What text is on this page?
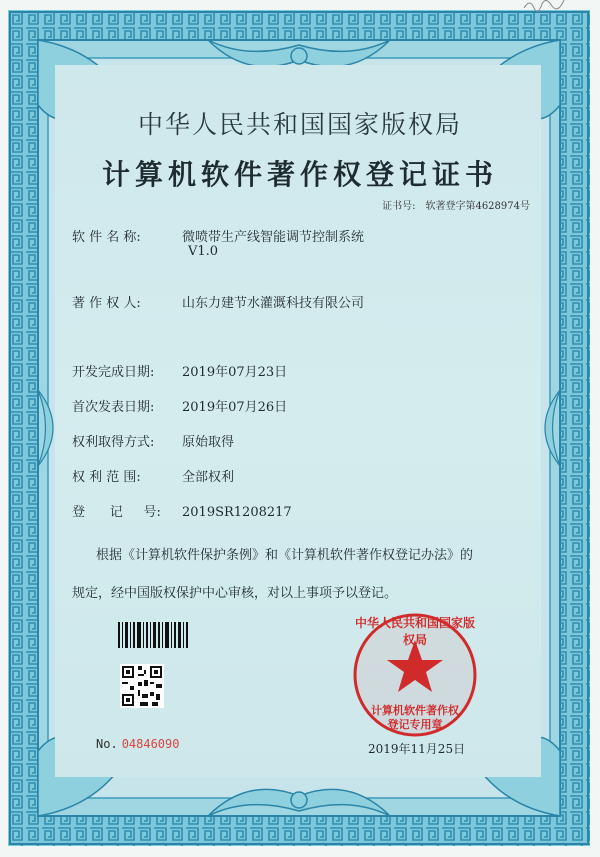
中华人民共和国国家版权局
计算机软件著作权登记证书
证书号: 软著登字第4628974号
软 件 名 称:	微喷带生产线智能调节控制系统
V1.0
著 作 权 人:	山东力建节水灌溉科技有限公司
开发完成日期: 2019年07月23日
首次发表日期: 2019年07月26日
权利取得方式: 原始取得
权 利 范 围:	全部权利
登      记     号: 2019SR1208217
根据《计算机软件保护条例》和《计算机软件著作权登记办法》的
规定，经中国版权保护中心审核，对以上事项予以登记。
No. 04846090
中华人民共和国国家版权局
计算机软件著作权
登记专用章
2019年11月25日
